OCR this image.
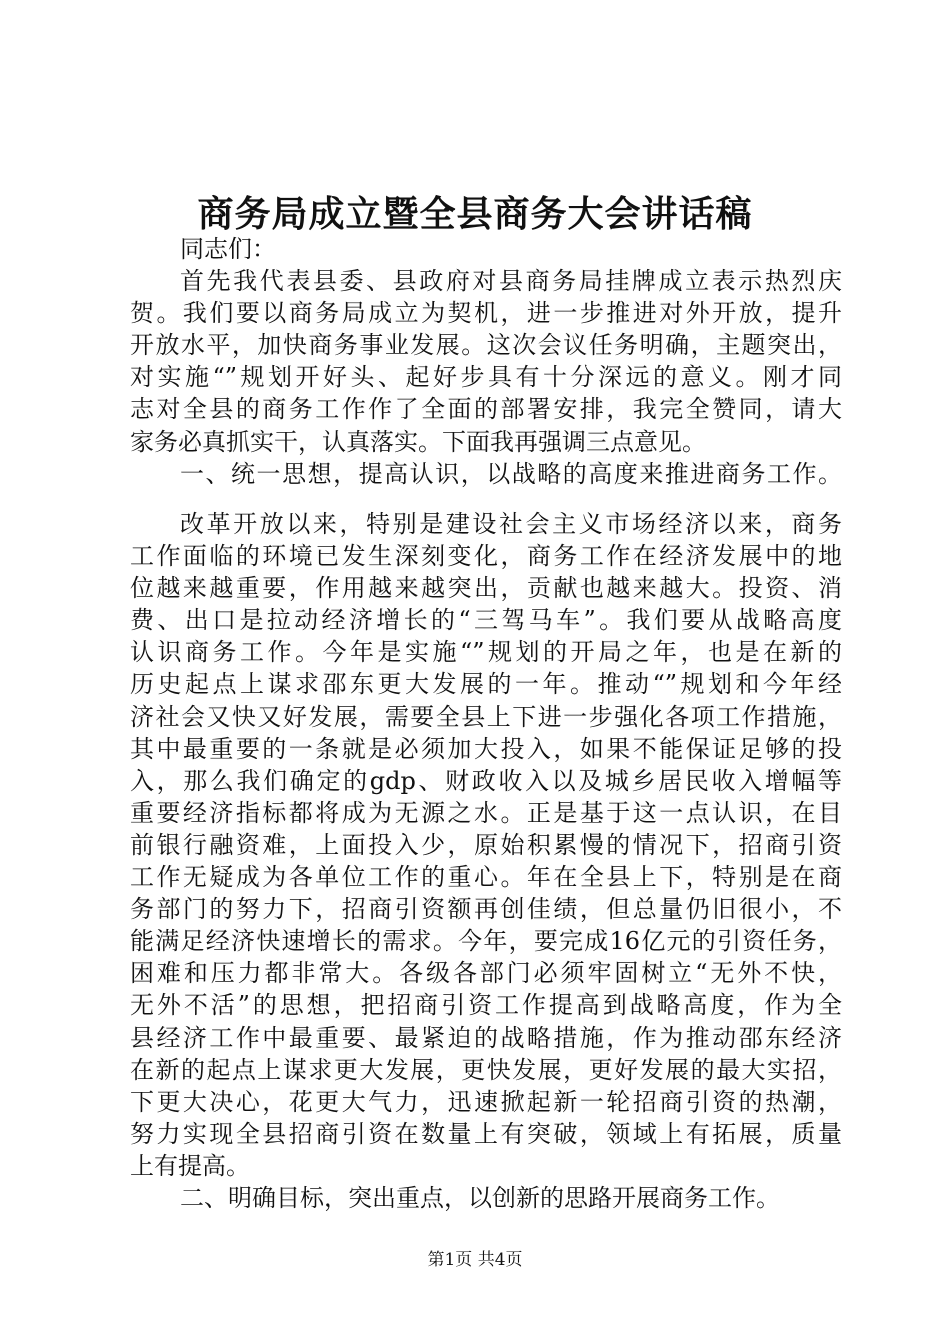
商务局成立暨全县商务大会讲话稿
同志们：
首先我代表县委、县政府对县商务局挂牌成立表示热烈庆
贺。我们要以商务局成立为契机，进一步推进对外开放，提升
开放水平，加快商务事业发展。这次会议任务明确，主题突出，
对实施“”规划开好头、起好步具有十分深远的意义。刚才同
志对全县的商务工作作了全面的部署安排，我完全赞同，请大
家务必真抓实干，认真落实。下面我再强调三点意见。
一、统一思想，提高认识，以战略的高度来推进商务工作。
改革开放以来，特别是建设社会主义市场经济以来，商务
工作面临的环境已发生深刻变化，商务工作在经济发展中的地
位越来越重要，作用越来越突出，贡献也越来越大。投资、消
费、出口是拉动经济增长的“三驾马车”。我们要从战略高度
认识商务工作。今年是实施“”规划的开局之年，也是在新的
历史起点上谋求邵东更大发展的一年。推动“”规划和今年经
济社会又快又好发展，需要全县上下进一步强化各项工作措施，
其中最重要的一条就是必须加大投入，如果不能保证足够的投
入，那么我们确定的gdp、财政收入以及城乡居民收入增幅等
重要经济指标都将成为无源之水。正是基于这一点认识，在目
前银行融资难，上面投入少，原始积累慢的情况下，招商引资
工作无疑成为各单位工作的重心。年在全县上下，特别是在商
务部门的努力下，招商引资额再创佳绩，但总量仍旧很小，不
能满足经济快速增长的需求。今年，要完成16亿元的引资任务，
困难和压力都非常大。各级各部门必须牢固树立“无外不快，
无外不活”的思想，把招商引资工作提高到战略高度，作为全
县经济工作中最重要、最紧迫的战略措施，作为推动邵东经济
在新的起点上谋求更大发展，更快发展，更好发展的最大实招，
下更大决心，花更大气力，迅速掀起新一轮招商引资的热潮，
努力实现全县招商引资在数量上有突破，领域上有拓展，质量
上有提高。
二、明确目标，突出重点，以创新的思路开展商务工作。
第1页 共4页
